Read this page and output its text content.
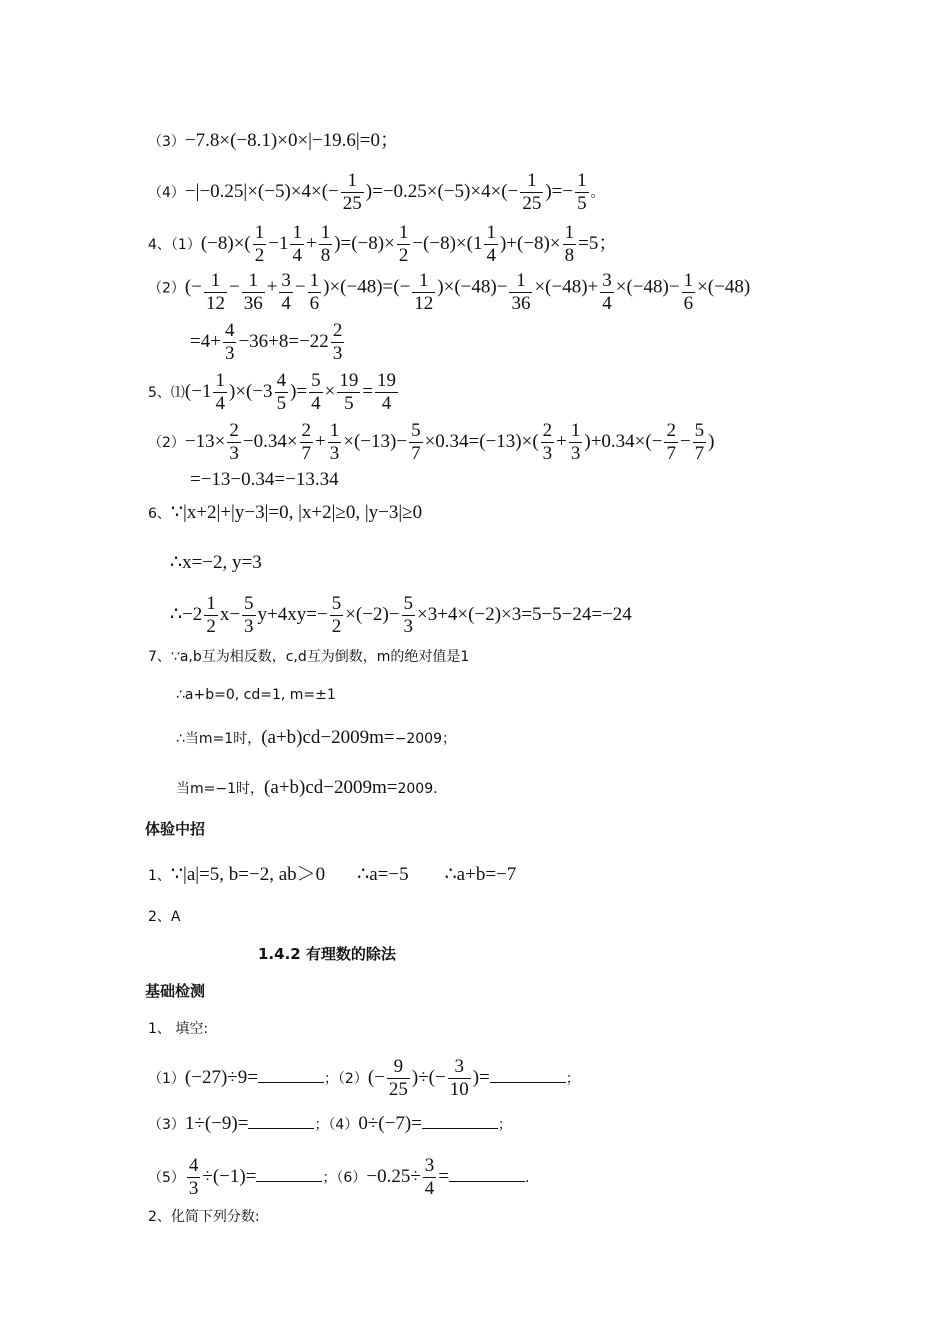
（3）−7.8×(−8.1)×0×|−19.6|=0；
$(4)-|-0.25|\times(-5)\times 4\times(- \frac{1}{25} )=-0.25\times(-5)\times 4\times(- \frac{1}{25}$ )=− $\frac{1}{5}$ 。
4、$(1)(-8)\times( \frac{1}{2} -1 \frac{1}{4} + \frac{1}{8} )=(-8)\times \frac{1}{2} -(-8)\times(1 \frac{1}{4} )+(-8)\times \frac{1}{8} =5$；
$(2)(- \frac{1}{12} - \frac{1}{36} + \frac{3}{4} - \frac{1}{6} )\times(-48)=(- \frac{1}{12} )\times(-48)- \frac{1}{36} \times(-48)+ \frac{3}{4} \times(-48)- \frac{1}{6} \times(-48)$
$=4+ \frac{4}{3} -36+8=-22 \frac{2}{3}$
5、⑴(−1 $\frac{1}{4} )\times(-3 \frac{4}{5}$ )= $\frac{5}{4} \times \frac{19}{5} = \frac{19}{4}$
$(2)-13\times \frac{2}{3} -0.34\times \frac{2}{7} + \frac{1}{3} \times(-13)- \frac{5}{7} \times 0.34=(-13)\times( \frac{2}{3} + \frac{1}{3} )+0.34\times(- \frac{2}{7} - \frac{5}{7}$ )
=−13−0.34=−13.34
6、∵|x+2|+|y−3|=0, |x+2|≥0, |y−3|≥0
∴x=−2, y=3
∴−2 $\frac{1}{2} x- \frac{5}{3} y+4xy=- \frac{5}{2} \times(-2)- \frac{5}{3} \times 3+4\times(-2)\times 3=5-5-24=-24$
7、∵a,b互为相反数，c,d互为倒数，m的绝对值是1
∴a+b=0, cd=1, m=±1
∴当m=1时，(a+b)cd−2009m=−2009；
当m=−1时，(a+b)cd−2009m=2009.
体验中招
1、∵|a|=5, b=−2, ab＞0 ∴a=−5 ∴a+b=−7
2、A
1.4.2 有理数的除法
基础检测
1、 填空:
（1）(−27)÷9=	；$(2)(- \frac{9}{25}$ )÷(− $\frac{3}{10}$ )=	；
（3）1÷(−9)=	；（4）0÷(−7)=	；
$(5) \frac{4}{3} \div(-1)=$	；$(6)-0.25\div \frac{3}{4}$ =	.
2、化简下列分数:
